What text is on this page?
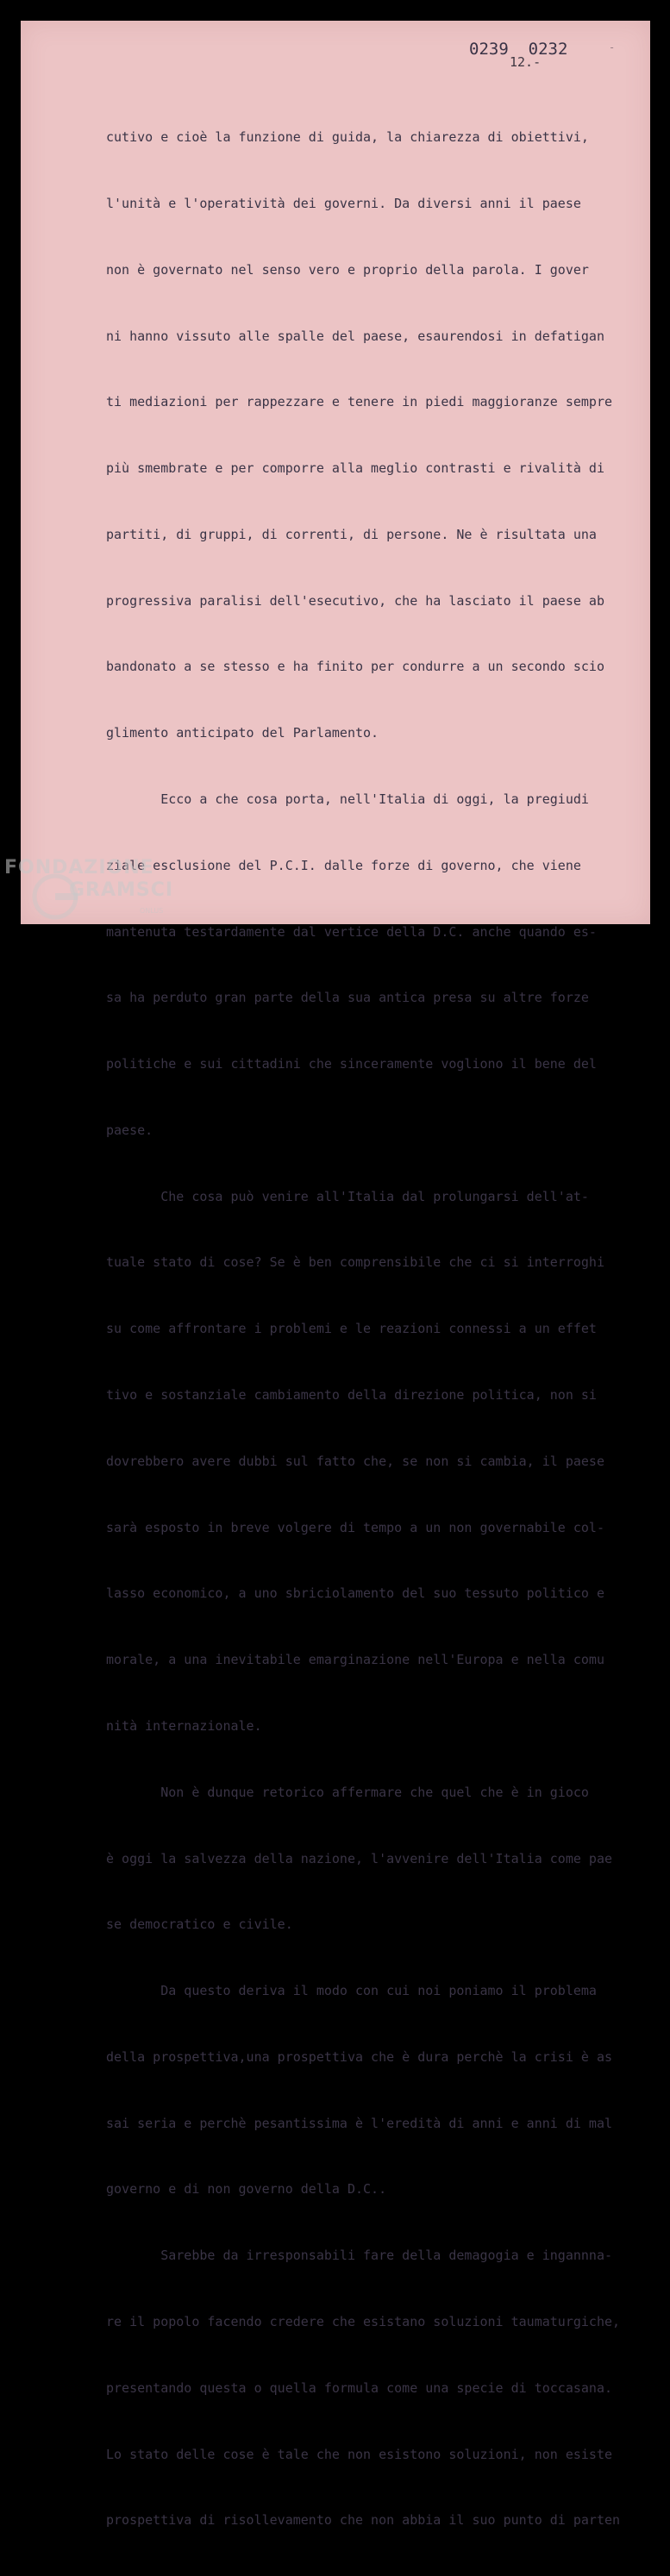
0239  0232
12.-
-

cutivo e cioè la funzione di guida, la chiarezza di obiettivi,

l'unità e l'operatività dei governi. Da diversi anni il paese

non è governato nel senso vero e proprio della parola. I gover

ni hanno vissuto alle spalle del paese, esaurendosi in defatigan

ti mediazioni per rappezzare e tenere in piedi maggioranze sempre

più smembrate e per comporre alla meglio contrasti e rivalità di

partiti, di gruppi, di correnti, di persone. Ne è risultata una

progressiva paralisi dell'esecutivo, che ha lasciato il paese ab

bandonato a se stesso e ha finito per condurre a un secondo scio

glimento anticipato del Parlamento.

Ecco a che cosa porta, nell'Italia di oggi, la pregiudi

ziale esclusione del P.C.I. dalle forze di governo, che viene

mantenuta testardamente dal vertice della D.C. anche quando es-

sa ha perduto gran parte della sua antica presa su altre forze

politiche e sui cittadini che sinceramente vogliono il bene del

paese.

Che cosa può venire all'Italia dal prolungarsi dell'at-

tuale stato di cose? Se è ben comprensibile che ci si interroghi

su come affrontare i problemi e le reazioni connessi a un effet

tivo e sostanziale cambiamento della direzione politica, non si

dovrebbero avere dubbi sul fatto che, se non si cambia, il paese

sarà esposto in breve volgere di tempo a un non governabile col-

lasso economico, a uno sbriciolamento del suo tessuto politico e

morale, a una inevitabile emarginazione nell'Europa e nella comu

nità internazionale.

Non è dunque retorico affermare che quel che è in gioco

è oggi la salvezza della nazione, l'avvenire dell'Italia come pae

se democratico e civile.

Da questo deriva il modo con cui noi poniamo il problema

della prospettiva,una prospettiva che è dura perchè la crisi è as

sai seria e perchè pesantissima è l'eredità di anni e anni di mal

governo e di non governo della D.C..

Sarebbe da irresponsabili fare della demagogia e ingannna-

re il popolo facendo credere che esistano soluzioni taumaturgiche,

presentando questa o quella formula come una specie di toccasana.

Lo stato delle cose è tale che non esistono soluzioni, non esiste

prospettiva di risollevamento che non abbia il suo punto di parten

FONDAZIONE
GRAMSCI
ONLUS
